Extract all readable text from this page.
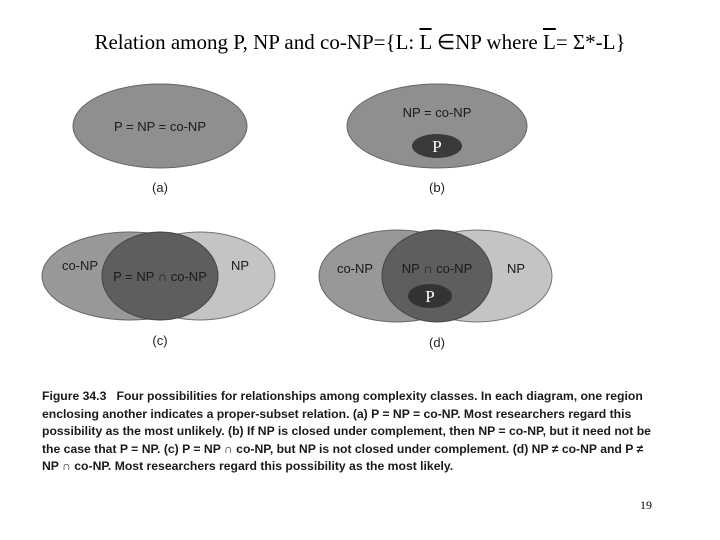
Relation among P, NP and co-NP={L: $\overline{L}$ ∈NP where $\overline{L}= \Sigma*-L$}
P = NP = co-NP
(a)
NP = co-NP
P
(b)
co-NP
P = NP ∩ co-NP
NP
(c)
co-NP NP ∩ co-NP	NP
P
(d)
Figure 34.3 Four possibilities for relationships among complexity classes. In each diagram, one region enclosing another indicates a proper-subset relation. (a) P = NP = co-NP. Most researchers regard this possibility as the most unlikely. (b) If NP is closed under complement, then NP = co-NP, but it need not be the case that P = NP. (c) P = NP ∩ co-NP, but NP is not closed under complement. (d) NP ≠ co-NP and P ≠ NP ∩ co-NP. Most researchers regard this possibility as the most likely.
19
